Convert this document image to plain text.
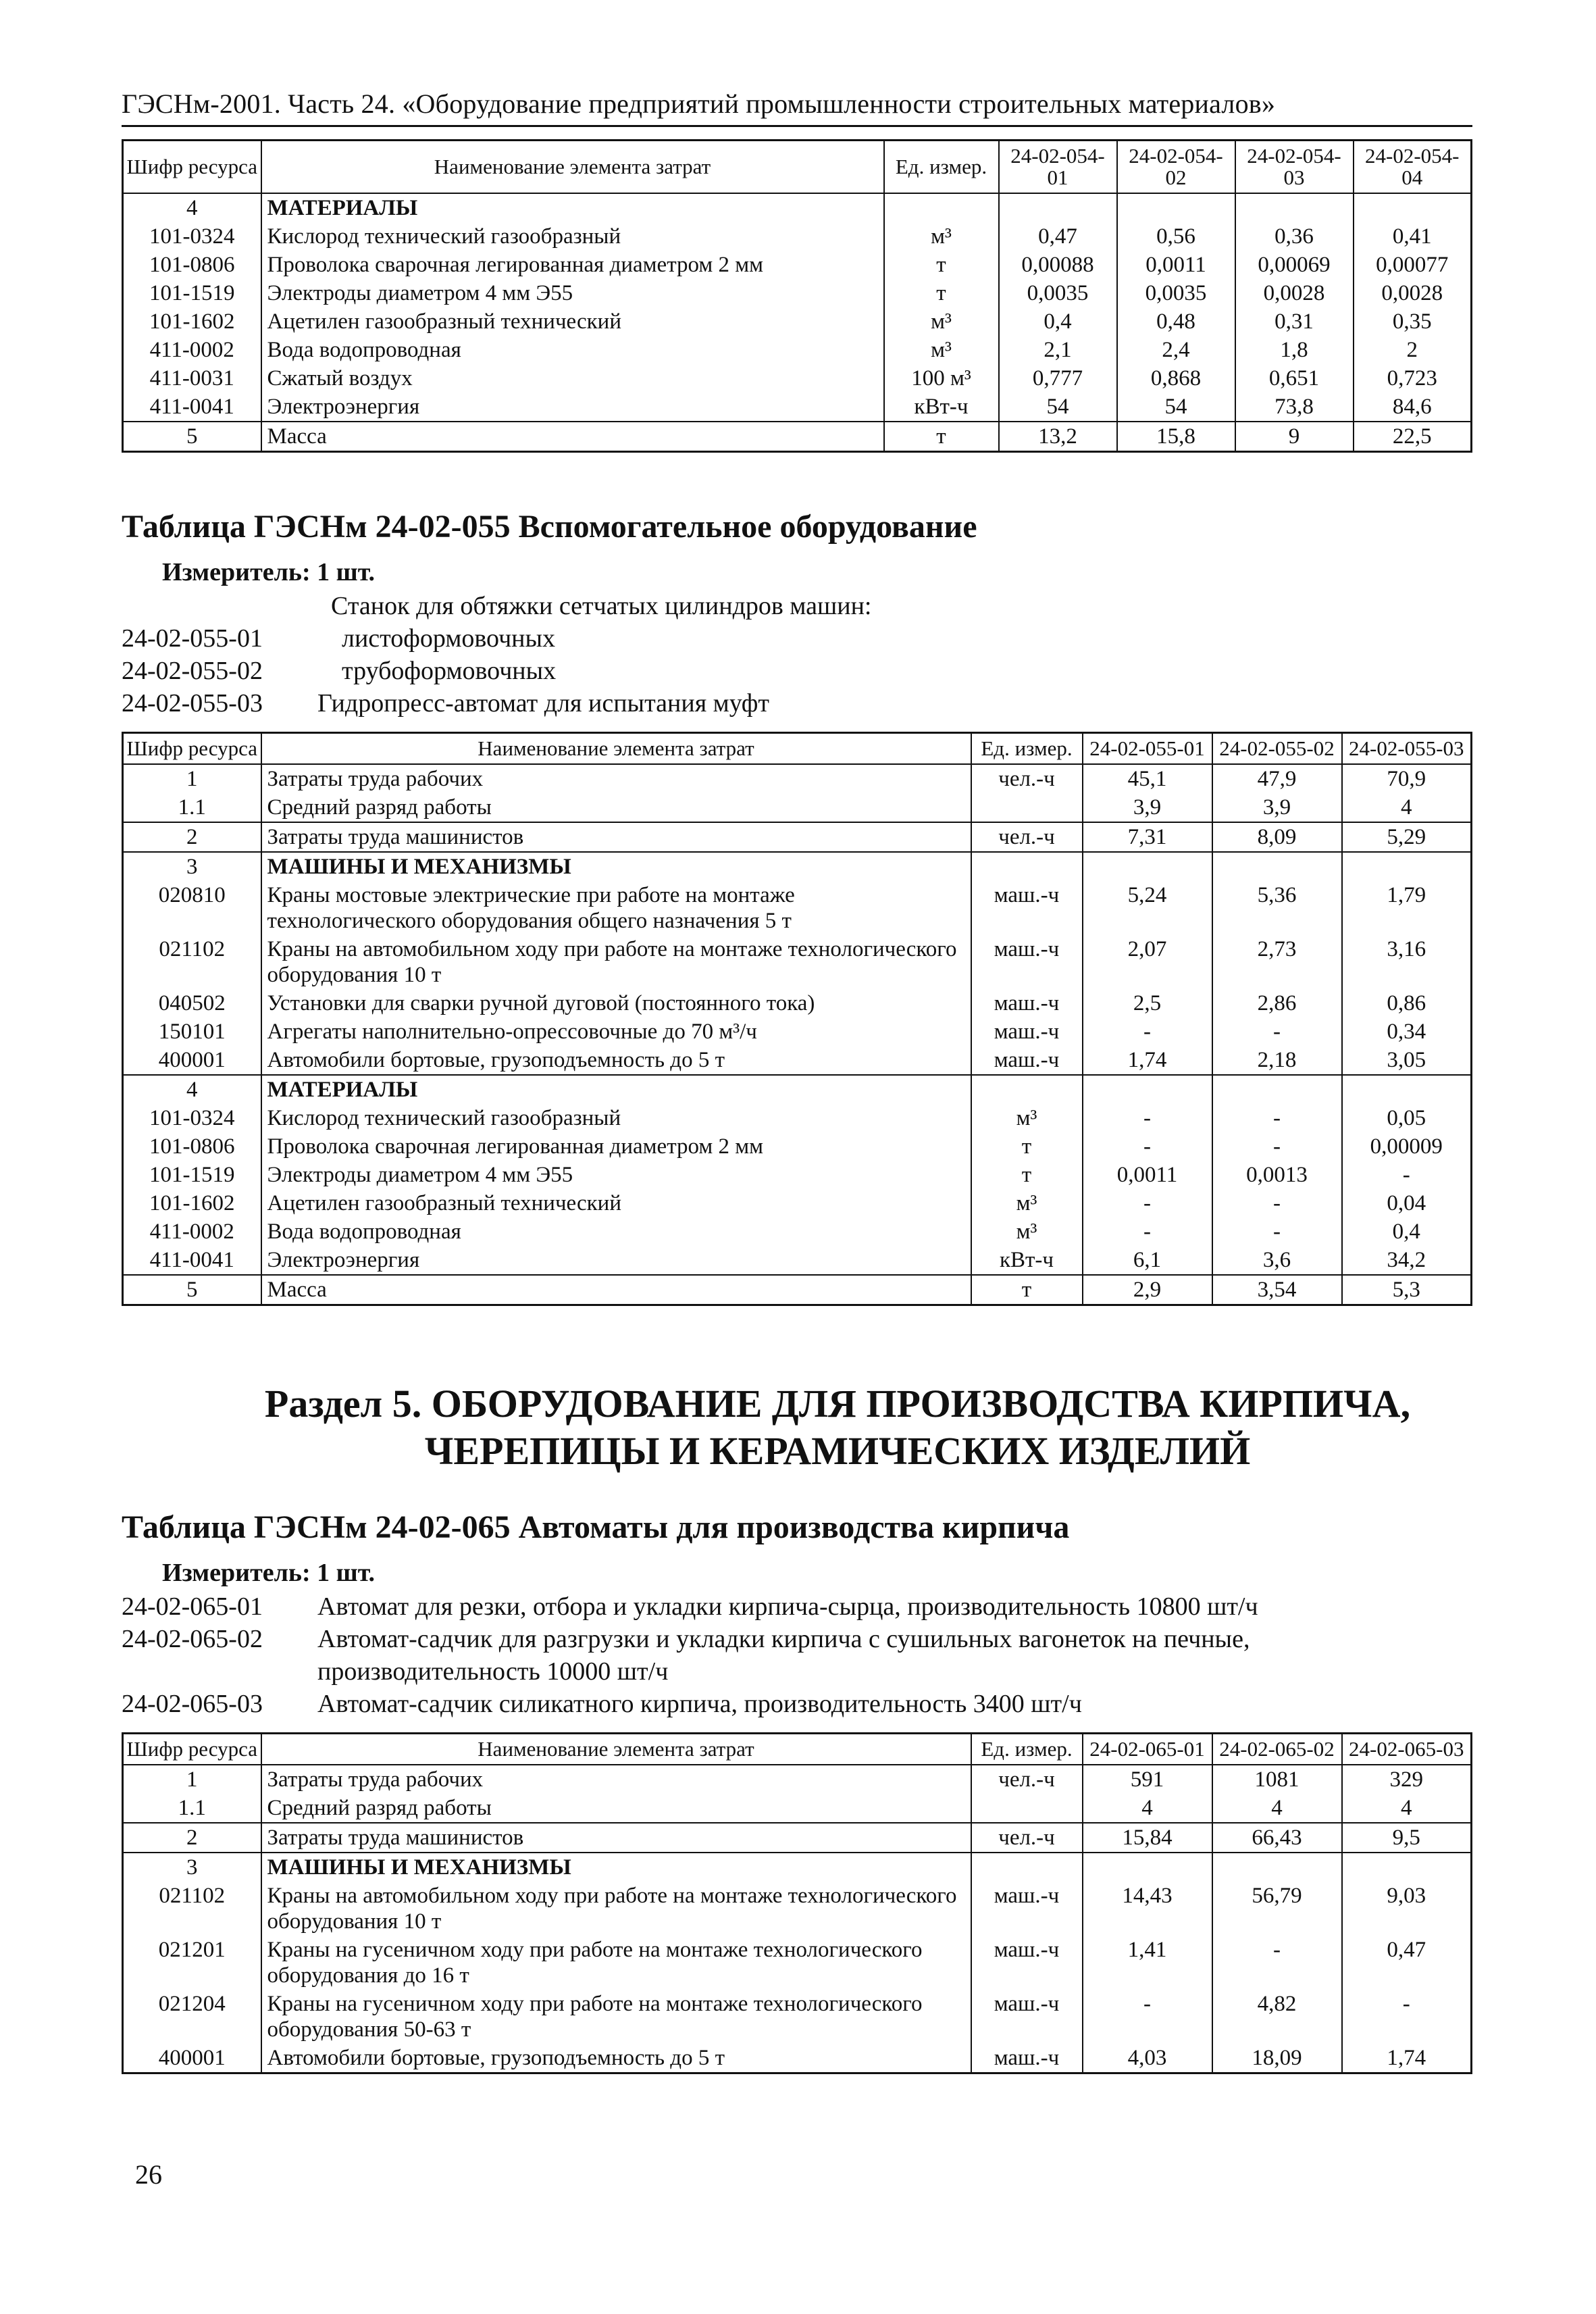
ГЭСНм-2001. Часть 24. «Оборудование предприятий промышленности строительных материалов»
Шифр ресурса	Наименование элемента затрат	Ед. измер.	24-02-054-01	24-02-054-02	24-02-054-03	24-02-054-04
4	МАТЕРИАЛЫ					
101-0324	Кислород технический газообразный	м³	0,47	0,56	0,36	0,41
101-0806	Проволока сварочная легированная диаметром 2 мм	т	0,00088	0,0011	0,00069	0,00077
101-1519	Электроды диаметром 4 мм Э55	т	0,0035	0,0035	0,0028	0,0028
101-1602	Ацетилен газообразный технический	м³	0,4	0,48	0,31	0,35
411-0002	Вода водопроводная	м³	2,1	2,4	1,8	2
411-0031	Сжатый воздух	100 м³	0,777	0,868	0,651	0,723
411-0041	Электроэнергия	кВт-ч	54	54	73,8	84,6
5	Масса	т	13,2	15,8	9	22,5
Таблица ГЭСНм 24-02-055 Вспомогательное оборудование
Измеритель: 1 шт.
Станок для обтяжки сетчатых цилиндров машин:
24-02-055-01	листоформовочных
24-02-055-02	трубоформовочных
24-02-055-03	Гидропресс-автомат для испытания муфт
Шифр ресурса	Наименование элемента затрат	Ед. измер.	24-02-055-01	24-02-055-02	24-02-055-03
1	Затраты труда рабочих	чел.-ч	45,1	47,9	70,9
1.1	Средний разряд работы		3,9	3,9	4
2	Затраты труда машинистов	чел.-ч	7,31	8,09	5,29
3	МАШИНЫ И МЕХАНИЗМЫ				
020810	Краны мостовые электрические при работе на монтаже технологического оборудования общего назначения 5 т	маш.-ч	5,24	5,36	1,79
021102	Краны на автомобильном ходу при работе на монтаже технологического оборудования 10 т	маш.-ч	2,07	2,73	3,16
040502	Установки для сварки ручной дуговой (постоянного тока)	маш.-ч	2,5	2,86	0,86
150101	Агрегаты наполнительно-опрессовочные до 70 м³/ч	маш.-ч	-	-	0,34
400001	Автомобили бортовые, грузоподъемность до 5 т	маш.-ч	1,74	2,18	3,05
4	МАТЕРИАЛЫ				
101-0324	Кислород технический газообразный	м³	-	-	0,05
101-0806	Проволока сварочная легированная диаметром 2 мм	т	-	-	0,00009
101-1519	Электроды диаметром 4 мм Э55	т	0,0011	0,0013	-
101-1602	Ацетилен газообразный технический	м³	-	-	0,04
411-0002	Вода водопроводная	м³	-	-	0,4
411-0041	Электроэнергия	кВт-ч	6,1	3,6	34,2
5	Масса	т	2,9	3,54	5,3
Раздел 5. ОБОРУДОВАНИЕ ДЛЯ ПРОИЗВОДСТВА КИРПИЧА,
ЧЕРЕПИЦЫ И КЕРАМИЧЕСКИХ ИЗДЕЛИЙ
Таблица ГЭСНм 24-02-065 Автоматы для производства кирпича
Измеритель: 1 шт.
24-02-065-01	Автомат для резки, отбора и укладки кирпича-сырца, производительность 10800 шт/ч
24-02-065-02	Автомат-садчик для разгрузки и укладки кирпича с сушильных вагонеток на печные, производительность 10000 шт/ч
24-02-065-03	Автомат-садчик силикатного кирпича, производительность 3400 шт/ч
Шифр ресурса	Наименование элемента затрат	Ед. измер.	24-02-065-01	24-02-065-02	24-02-065-03
1	Затраты труда рабочих	чел.-ч	591	1081	329
1.1	Средний разряд работы		4	4	4
2	Затраты труда машинистов	чел.-ч	15,84	66,43	9,5
3	МАШИНЫ И МЕХАНИЗМЫ				
021102	Краны на автомобильном ходу при работе на монтаже технологического оборудования 10 т	маш.-ч	14,43	56,79	9,03
021201	Краны на гусеничном ходу при работе на монтаже технологического оборудования до 16 т	маш.-ч	1,41	-	0,47
021204	Краны на гусеничном ходу при работе на монтаже технологического оборудования 50-63 т	маш.-ч	-	4,82	-
400001	Автомобили бортовые, грузоподъемность до 5 т	маш.-ч	4,03	18,09	1,74
26
